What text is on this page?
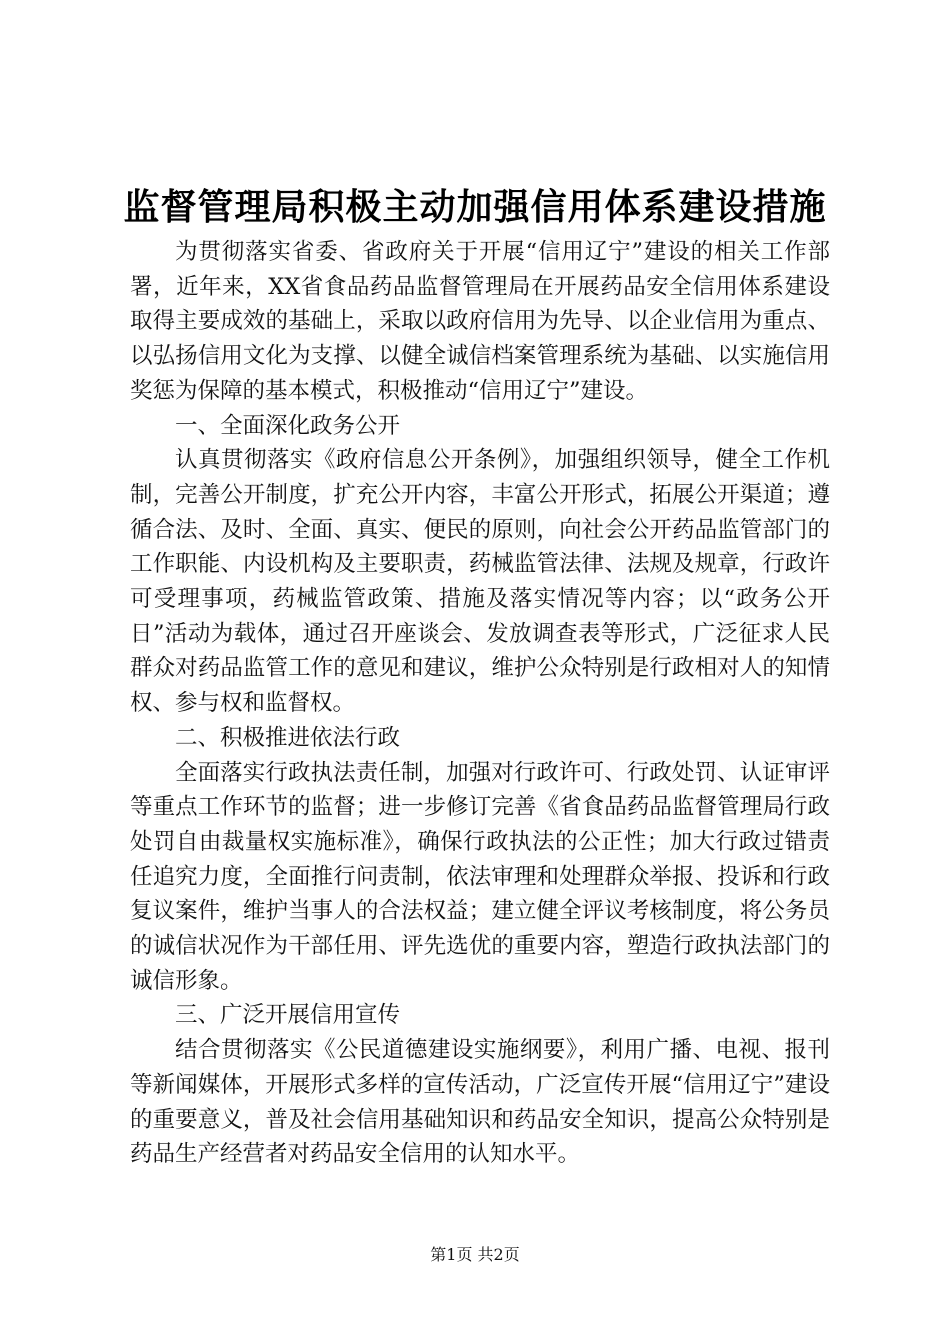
监督管理局积极主动加强信用体系建设措施

为贯彻落实省委、省政府关于开展“信用辽宁”建设的相关工作部署，近年来，XX省食品药品监督管理局在开展药品安全信用体系建设取得主要成效的基础上，采取以政府信用为先导、以企业信用为重点、以弘扬信用文化为支撑、以健全诚信档案管理系统为基础、以实施信用奖惩为保障的基本模式，积极推动“信用辽宁”建设。

一、全面深化政务公开

认真贯彻落实《政府信息公开条例》，加强组织领导，健全工作机制，完善公开制度，扩充公开内容，丰富公开形式，拓展公开渠道；遵循合法、及时、全面、真实、便民的原则，向社会公开药品监管部门的工作职能、内设机构及主要职责，药械监管法律、法规及规章，行政许可受理事项，药械监管政策、措施及落实情况等内容；以“政务公开日”活动为载体，通过召开座谈会、发放调查表等形式，广泛征求人民群众对药品监管工作的意见和建议，维护公众特别是行政相对人的知情权、参与权和监督权。

二、积极推进依法行政

全面落实行政执法责任制，加强对行政许可、行政处罚、认证审评等重点工作环节的监督；进一步修订完善《省食品药品监督管理局行政处罚自由裁量权实施标准》，确保行政执法的公正性；加大行政过错责任追究力度，全面推行问责制，依法审理和处理群众举报、投诉和行政复议案件，维护当事人的合法权益；建立健全评议考核制度，将公务员的诚信状况作为干部任用、评先选优的重要内容，塑造行政执法部门的诚信形象。

三、广泛开展信用宣传

结合贯彻落实《公民道德建设实施纲要》，利用广播、电视、报刊等新闻媒体，开展形式多样的宣传活动，广泛宣传开展“信用辽宁”建设的重要意义，普及社会信用基础知识和药品安全知识，提高公众特别是药品生产经营者对药品安全信用的认知水平。

第1页 共2页
